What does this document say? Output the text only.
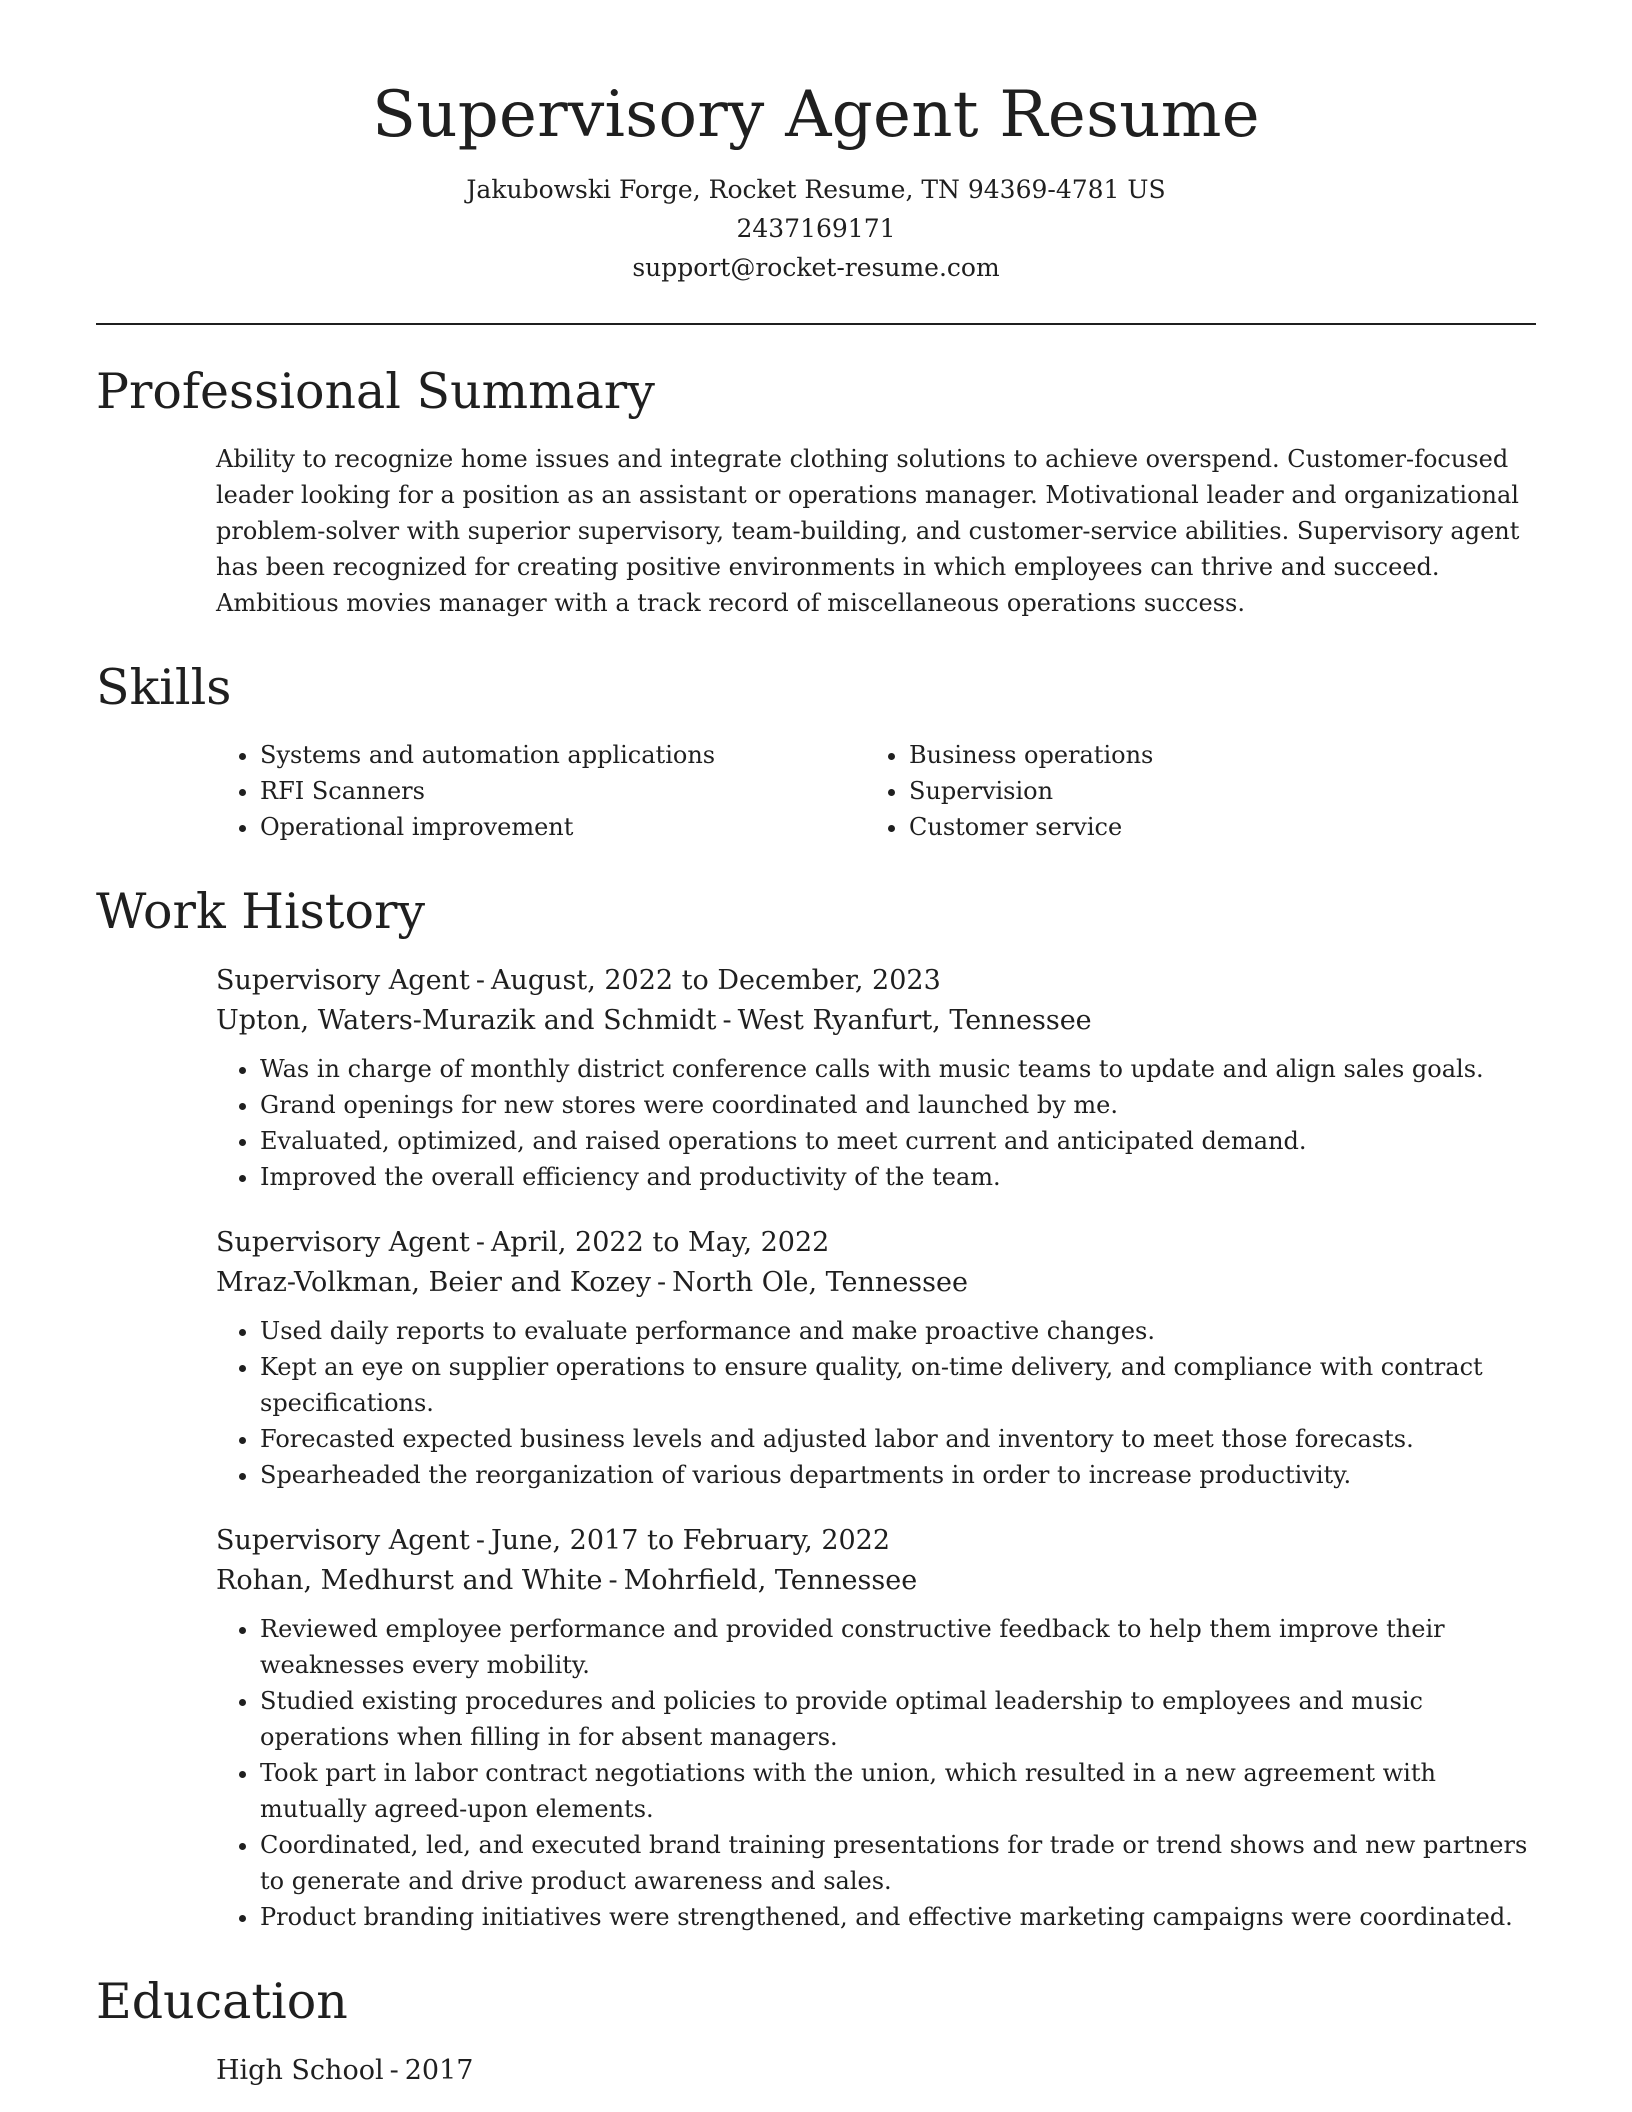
Supervisory Agent Resume
Jakubowski Forge, Rocket Resume, TN 94369-4781 US
2437169171
support@rocket-resume.com
Professional Summary

Ability to recognize home issues and integrate clothing solutions to achieve overspend. Customer-focused leader looking for a position as an assistant or operations manager. Motivational leader and organizational problem-solver with superior supervisory, team-building, and customer-service abilities. Supervisory agent has been recognized for creating positive environments in which employees can thrive and succeed. Ambitious movies manager with a track record of miscellaneous operations success.

Skills
• Systems and automation applications
• RFI Scanners
• Operational improvement
• Business operations
• Supervision
• Customer service
Work History
Supervisory Agent - August, 2022 to December, 2023
Upton, Waters-Murazik and Schmidt - West Ryanfurt, Tennessee
• Was in charge of monthly district conference calls with music teams to update and align sales goals.
• Grand openings for new stores were coordinated and launched by me.
• Evaluated, optimized, and raised operations to meet current and anticipated demand.
• Improved the overall efficiency and productivity of the team.
Supervisory Agent - April, 2022 to May, 2022
Mraz-Volkman, Beier and Kozey - North Ole, Tennessee
• Used daily reports to evaluate performance and make proactive changes.
• Kept an eye on supplier operations to ensure quality, on-time delivery, and compliance with contract specifications.
• Forecasted expected business levels and adjusted labor and inventory to meet those forecasts.
• Spearheaded the reorganization of various departments in order to increase productivity.
Supervisory Agent - June, 2017 to February, 2022
Rohan, Medhurst and White - Mohrfield, Tennessee
• Reviewed employee performance and provided constructive feedback to help them improve their weaknesses every mobility.
• Studied existing procedures and policies to provide optimal leadership to employees and music operations when filling in for absent managers.
• Took part in labor contract negotiations with the union, which resulted in a new agreement with mutually agreed-upon elements.
• Coordinated, led, and executed brand training presentations for trade or trend shows and new partners to generate and drive product awareness and sales.
• Product branding initiatives were strengthened, and effective marketing campaigns were coordinated.
Education
High School - 2017
